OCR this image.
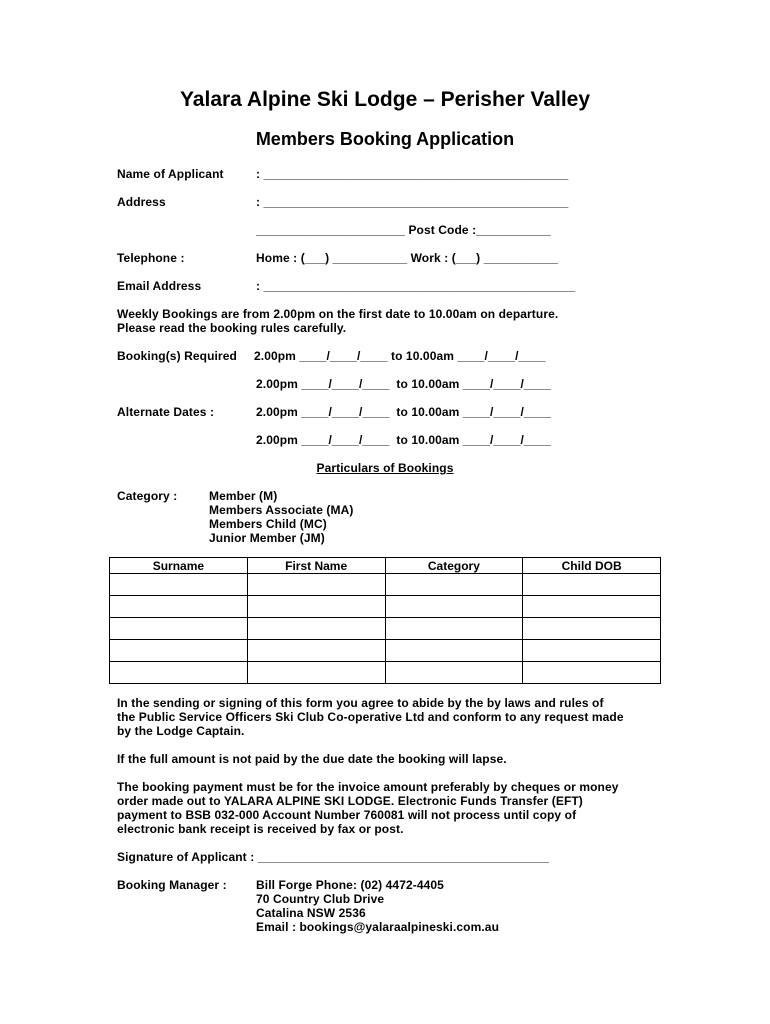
Yalara Alpine Ski Lodge – Perisher Valley
Members Booking Application
Name of Applicant	: _____________________________________________
Address	: _____________________________________________
______________________ Post Code :___________
Telephone :	Home : (___) ___________ Work : (___) ___________
Email Address	: ______________________________________________
Weekly Bookings are from 2.00pm on the first date to 10.00am on departure.
Please read the booking rules carefully.
Booking(s) Required 2.00pm ____/____/____ to 10.00am ____/____/____
2.00pm ____/____/____  to 10.00am ____/____/____
Alternate Dates :	2.00pm ____/____/____  to 10.00am ____/____/____
2.00pm ____/____/____  to 10.00am ____/____/____
Particulars of Bookings
Category :	Member (M)
Members Associate (MA)
Members Child (MC)
Junior Member (JM)
Surname	First Name	Category	Child DOB

In the sending or signing of this form you agree to abide by the by laws and rules of
the Public Service Officers Ski Club Co-operative Ltd and conform to any request made
by the Lodge Captain.
If the full amount is not paid by the due date the booking will lapse.
The booking payment must be for the invoice amount preferably by cheques or money
order made out to YALARA ALPINE SKI LODGE. Electronic Funds Transfer (EFT)
payment to BSB 032-000 Account Number 760081 will not process until copy of
electronic bank receipt is received by fax or post.
Signature of Applicant : ___________________________________________
Booking Manager : Bill Forge Phone: (02) 4472-4405
70 Country Club Drive
Catalina NSW 2536
Email : bookings@yalaraalpineski.com.au
